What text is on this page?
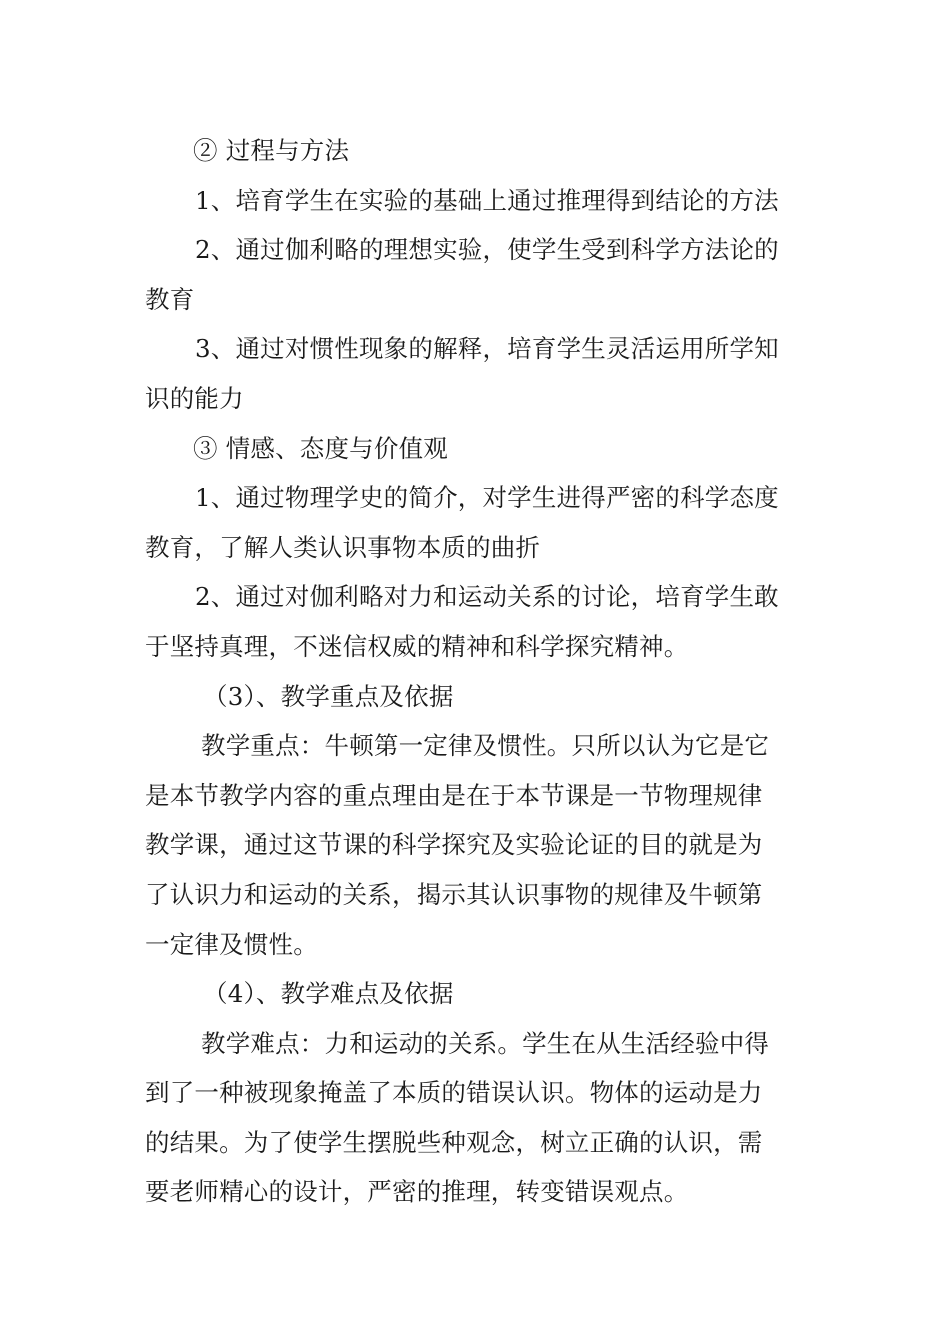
② 过程与方法

1、培育学生在实验的基础上通过推理得到结论的方法

2、通过伽利略的理想实验，使学生受到科学方法论的

教育

3、通过对惯性现象的解释，培育学生灵活运用所学知

识的能力

③ 情感、态度与价值观

1、通过物理学史的简介，对学生进得严密的科学态度

教育，了解人类认识事物本质的曲折

2、通过对伽利略对力和运动关系的讨论，培育学生敢

于坚持真理，不迷信权威的精神和科学探究精神。

（3）、教学重点及依据

教学重点：牛顿第一定律及惯性。只所以认为它是它

是本节教学内容的重点理由是在于本节课是一节物理规律

教学课，通过这节课的科学探究及实验论证的目的就是为

了认识力和运动的关系，揭示其认识事物的规律及牛顿第

一定律及惯性。

（4）、教学难点及依据

教学难点：力和运动的关系。学生在从生活经验中得

到了一种被现象掩盖了本质的错误认识。物体的运动是力

的结果。为了使学生摆脱些种观念，树立正确的认识，需

要老师精心的设计，严密的推理，转变错误观点。
